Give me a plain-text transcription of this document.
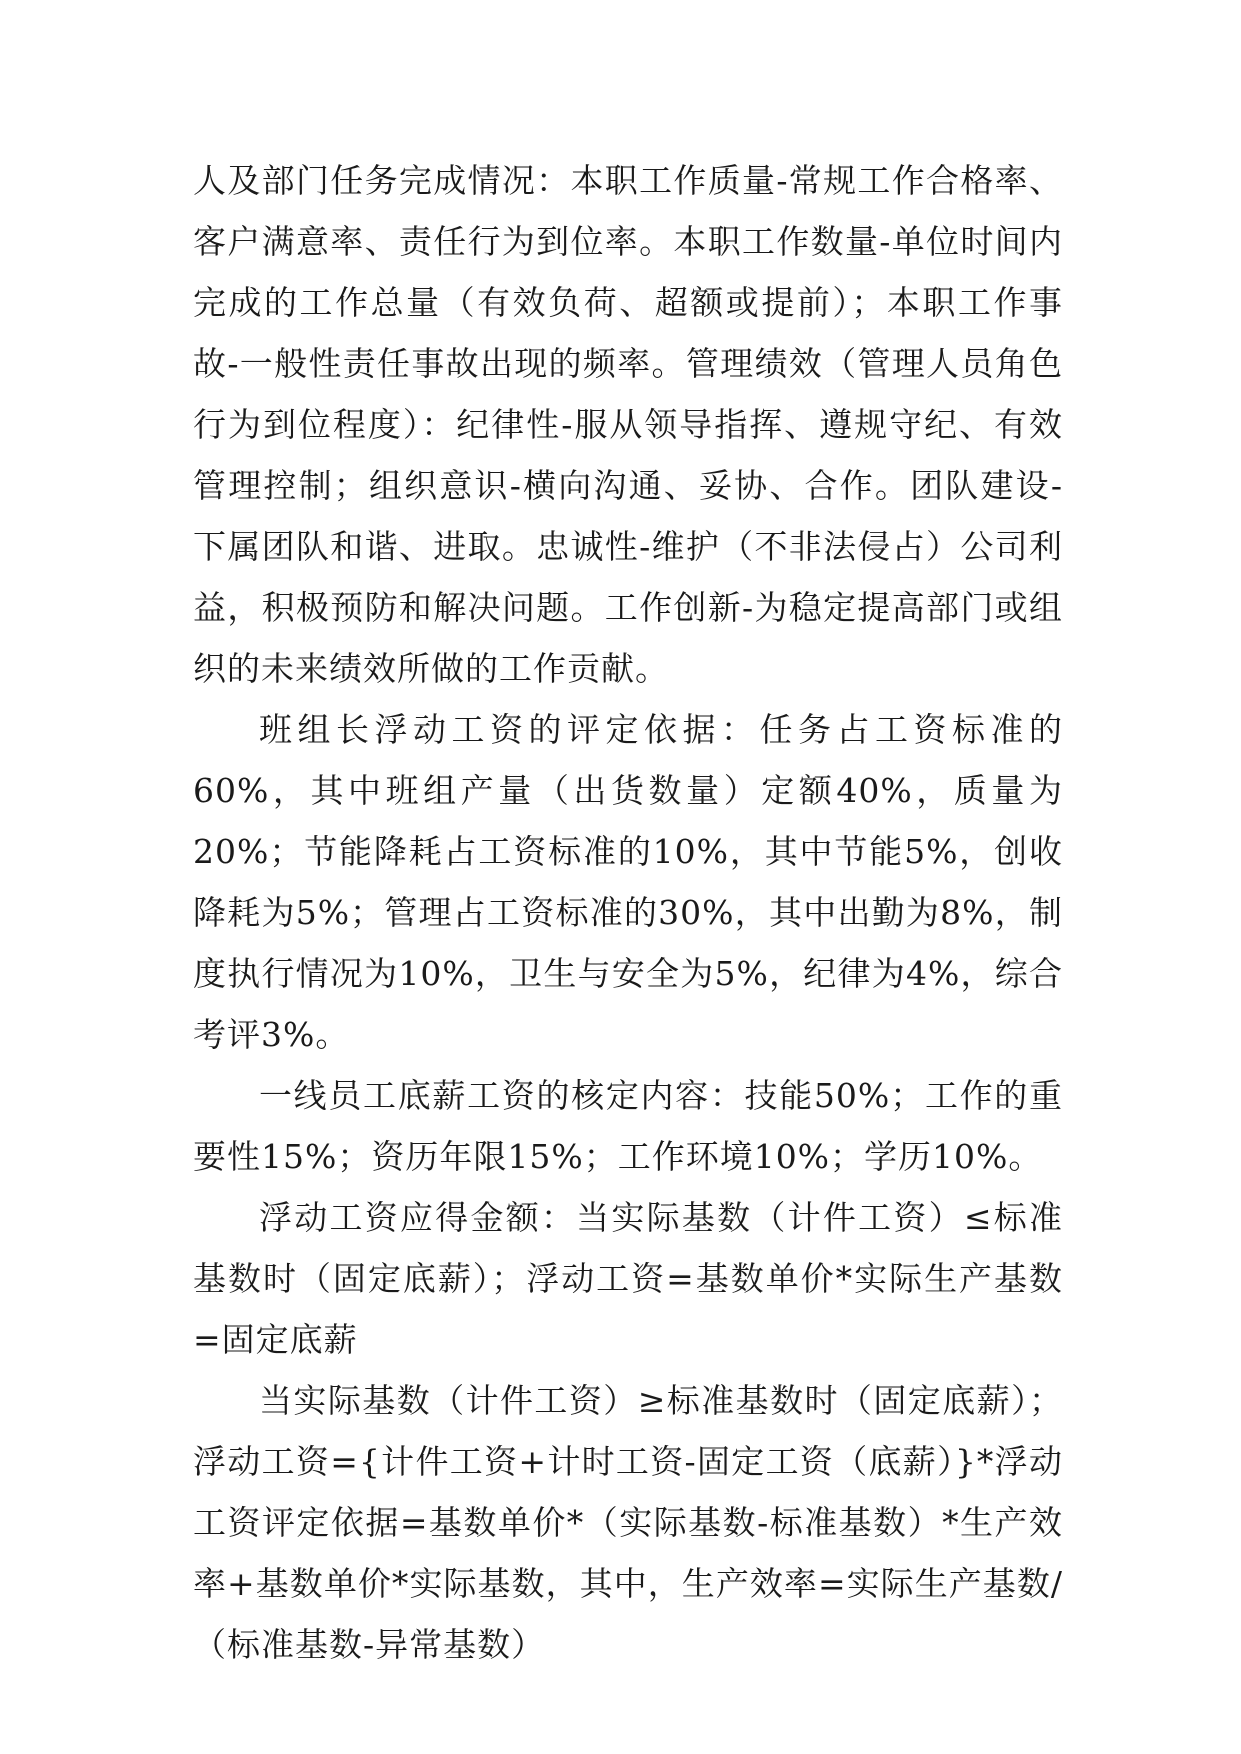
人及部门任务完成情况：本职工作质量-常规工作合格率、客户满意率、责任行为到位率。本职工作数量-单位时间内完成的工作总量（有效负荷、超额或提前）；本职工作事故-一般性责任事故出现的频率。管理绩效（管理人员角色行为到位程度）：纪律性-服从领导指挥、遵规守纪、有效管理控制；组织意识-横向沟通、妥协、合作。团队建设-下属团队和谐、进取。忠诚性-维护（不非法侵占）公司利益，积极预防和解决问题。工作创新-为稳定提高部门或组织的未来绩效所做的工作贡献。

班组长浮动工资的评定依据：任务占工资标准的60%，其中班组产量（出货数量）定额40%，质量为20%；节能降耗占工资标准的10%，其中节能5%，创收降耗为5%；管理占工资标准的30%，其中出勤为8%，制度执行情况为10%，卫生与安全为5%，纪律为4%，综合考评3%。

一线员工底薪工资的核定内容：技能50%；工作的重要性15%；资历年限15%；工作环境10%；学历10%。

浮动工资应得金额：当实际基数（计件工资）≤标准基数时（固定底薪）；浮动工资=基数单价*实际生产基数=固定底薪

当实际基数（计件工资）≥标准基数时（固定底薪）；浮动工资={计件工资+计时工资-固定工资（底薪）}*浮动工资评定依据=基数单价*（实际基数-标准基数）*生产效率+基数单价*实际基数，其中，生产效率=实际生产基数/（标准基数-异常基数）
